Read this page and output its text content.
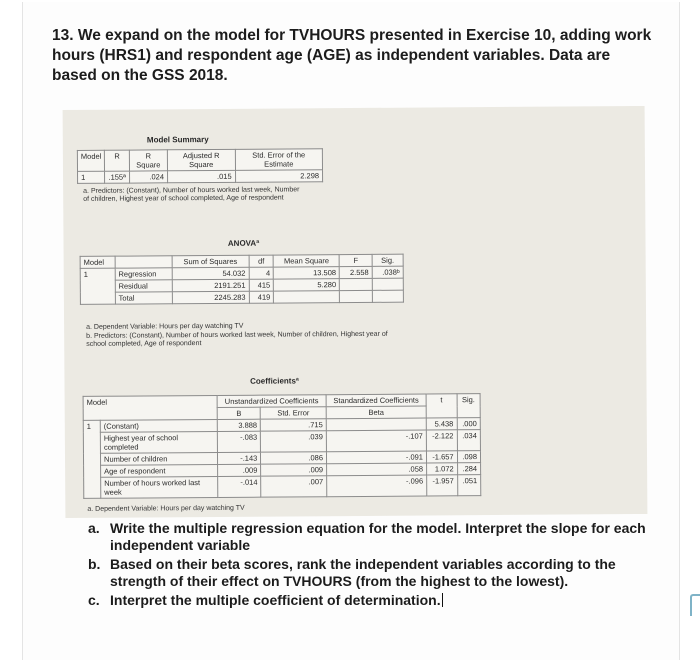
13. We expand on the model for TVHOURS presented in Exercise 10, adding work hours (HRS1) and respondent age (AGE) as independent variables. Data are based on the GSS 2018.
Model Summary
Model	R	R Square	Adjusted R Square	Std. Error of the Estimate
1	.155ª	.024	.015	2.298
a. Predictors: (Constant), Number of hours worked last week, Number of children, Highest year of school completed, Age of respondent
ANOVAª
Model		Sum of Squares	df	Mean Square	F	Sig.
1	Regression	54.032	4	13.508	2.558	.038ᵇ
	Residual	2191.251	415	5.280		
	Total	2245.283	419			
a. Dependent Variable: Hours per day watching TV
b. Predictors: (Constant), Number of hours worked last week, Number of children, Highest year of school completed, Age of respondent
Coefficientsª
Model		Unstandardized Coefficients		Standardized Coefficients	t	Sig.
		B	Std. Error	Beta		
1	(Constant)	3.888	.715		5.438	.000
	Highest year of school completed	-.083	.039	-.107	-2.122	.034
	Number of children	-.143	.086	-.091	-1.657	.098
	Age of respondent	.009	.009	.058	1.072	.284
	Number of hours worked last week	-.014	.007	-.096	-1.957	.051
a. Dependent Variable: Hours per day watching TV
a. Write the multiple regression equation for the model. Interpret the slope for each independent variable
b. Based on their beta scores, rank the independent variables according to the strength of their effect on TVHOURS (from the highest to the lowest).
c. Interpret the multiple coefficient of determination.
